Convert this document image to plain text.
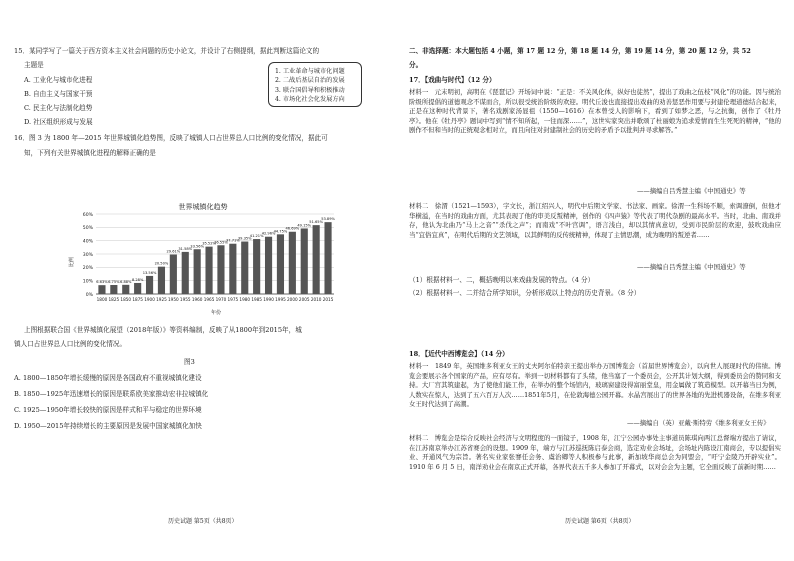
15．某同学写了一篇关于西方资本主义社会问题的历史小论文，并设计了右侧提纲，据此判断这篇论文的
主题是
A. 工业化与城市化进程
B. 自由主义与国家干预
C. 民主化与法制化趋势
D. 社区组织形成与发展
1. 工业革命与城市化问题
2. 二战后基层自治的发展
3. 联合国倡导和积极推动
4. 市场化社会化发展方向
16．图 3 为 1800 年—2015 年世界城镇化趋势图，反映了城镇人口占世界总人口比例的变化情况，据此可
知，下列有关世界城镇化进程的解释正确的是
世界城镇化趋势
比例
年份
0%
10%
20%
30%
40%
50%
60%
6.63%
1800
6.75%
1825
6.88%
1850
8.28%
1875
13.56%
1900
20.50%
1925
29.61%
1950
31.58%
1955
33.56%
1960
35.52%
1965
36.55%
1970
37.71%
1975
39.35%
1980
41.21%
1985
42.96%
1990
44.75%
1995
46.69%
2000
49.15%
2005
51.65%
2010
53.89%
2015
上图根据联合国《世界城镇化展望（2018年版）》等资料编制，反映了从1800年到2015年，城
镇人口占世界总人口比例的变化情况。
图3
A. 1800—1850年增长缓慢的原因是各国政府不重视城镇化建设
B. 1850—1925年迅速增长的原因是联系欧美家推动宏非拉城镇化
C. 1925—1950年增长较快的原因是样式和平与稳定的世界环境
D. 1950—2015年持续增长的主要原因是发展中国家城镇化加快
历史试题 第5页（共8页）
二、非选择题：本大题包括 4 小题，第 17 题 12 分，第 18 题 14 分，第 19 题 14 分，第 20 题 12 分，共 52
分。
17．【戏曲与时代】（12 分）
材料一　元末明初，高明在《琵琶记》开场词中说：“正是：不关风化体，纵好也徒然”，提出了戏曲之伍枝“风化”的功能。因与统治阶级所提倡的道德观念不谋而合，所以很受统治阶级的欢迎。明代丘浚也直接提出戏曲的劝善惩恶作用要与封建伦理道德结合起来，正是在这种时代背景下，著名戏剧家汤显祖（1550—1616）在本曾受人的影响下，看到了如梦之恶，与之抗衡，创作了《牡丹亭》。他在《牡丹亭》题词中写到“情不知所起，一往而深……”，这世实家突出并歌颂了杜丽娘为追求爱情而生生死死的精神，“他的剧作不但和当时的正统观念相对立，而且向往对封建制社会的历史的矛盾予以批判并寻求解答。”
——摘编自吕秀慧主编《中国通史》等
材料二　徐渭（1521—1593），字文长，浙江绍兴人，明代中后期文学家、书法家、画家。徐渭一生科场不顺，索调潦倒，但他才华横溢，在当时的戏曲方面，尤其表现了他的审美反叛精神，创作的《四声猿》等代表了明代杂剧的最高水平。当时，北曲、南戏并存，他认为北曲乃“马上之音”“杀伐之声”；而南戏“不叶宫调”，语言浅白，却以其情真意切，受到市民阶层的欢迎，鼓吹戏曲应当“宜俗宜真”，在明代后期的文艺领域，以其鲜明的反传统精神，体现了主情思潮，成为晚明的叛逆者……
——摘编自吕秀慧主编《中国通史》等
（1）根据材料一、二，概括晚明以来戏曲发展的特点。（4 分）
（2）根据材料一、二并结合所学知识，分析形成以上特点的历史背景。（8 分）
18．【近代中西博览会】（14 分）
材料一　1849 年，英国维多利亚女王的丈夫阿尔伯特亲王提出举办万国博览会（首届世界博览会），以向世人展现时代的伟绩。博览会要展示各个国家的产品，应有尽有。举到一切材料都有了头绪，他当塞了一个委员会，公开其计划大纲，得到委员会的赞同和支持。大厂宫其筑建起，为了使他们能工作，在举办的整个场馆内，玻璃窗建设得富丽堂皇，用金属做了筑造模型。以开幕当日为例，人数实在惊人，达到了五六百万人次……1851年5月，在伦敦海德公园开幕。水晶宫展出了的世界各地的先进机器设备，在维多利亚女王时代达到了高潮。
——摘编自（英）亚戴·斯特劳《维多利亚女王传》
材料二　博览会是综合反映社会经济与文明程度的一面镜子，1908 年，江宁公园办事处主事道员陈琪向两江总督端方提出了请议，在江苏南京举办江苏省赛会的设想。1909 年，端方与江苏巡抚陈启泰会商，选定劝业会场址，会场址内陈设江南商会，专以提倡实业、开通风气为宗旨。著名实业家张謇任会务、虞治卿等人积极参与此事，新加坡华商总会为同盟会，“吁宁金陵乃开辟实业”。1910 年 6 月 5 日，南洋劝业会在南京正式开幕，各界代表五千多人参加了开幕式，以对会会为主题，它全面反映了前新时期……
历史试题 第6页（共8页）
